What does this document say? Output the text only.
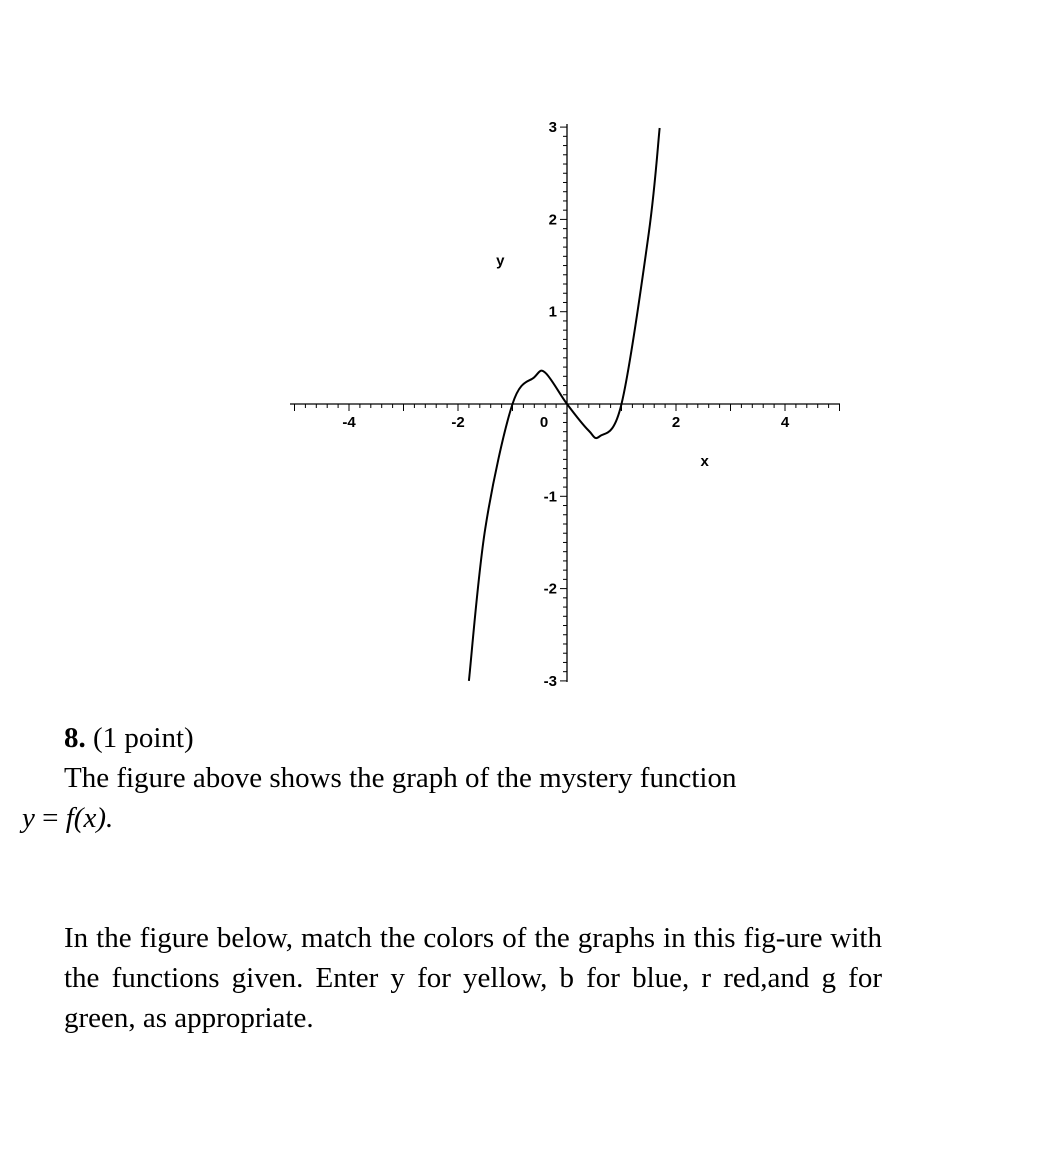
-4	-2	0	2	4
-3
-2
-1
1
2
3
x
y

8. (1 point)

The figure above shows the graph of the mystery function

y = f(x).

In the figure below, match the colors of the graphs in this fig-ure with the functions given. Enter y for yellow, b for blue, r red,and g for green, as appropriate.
